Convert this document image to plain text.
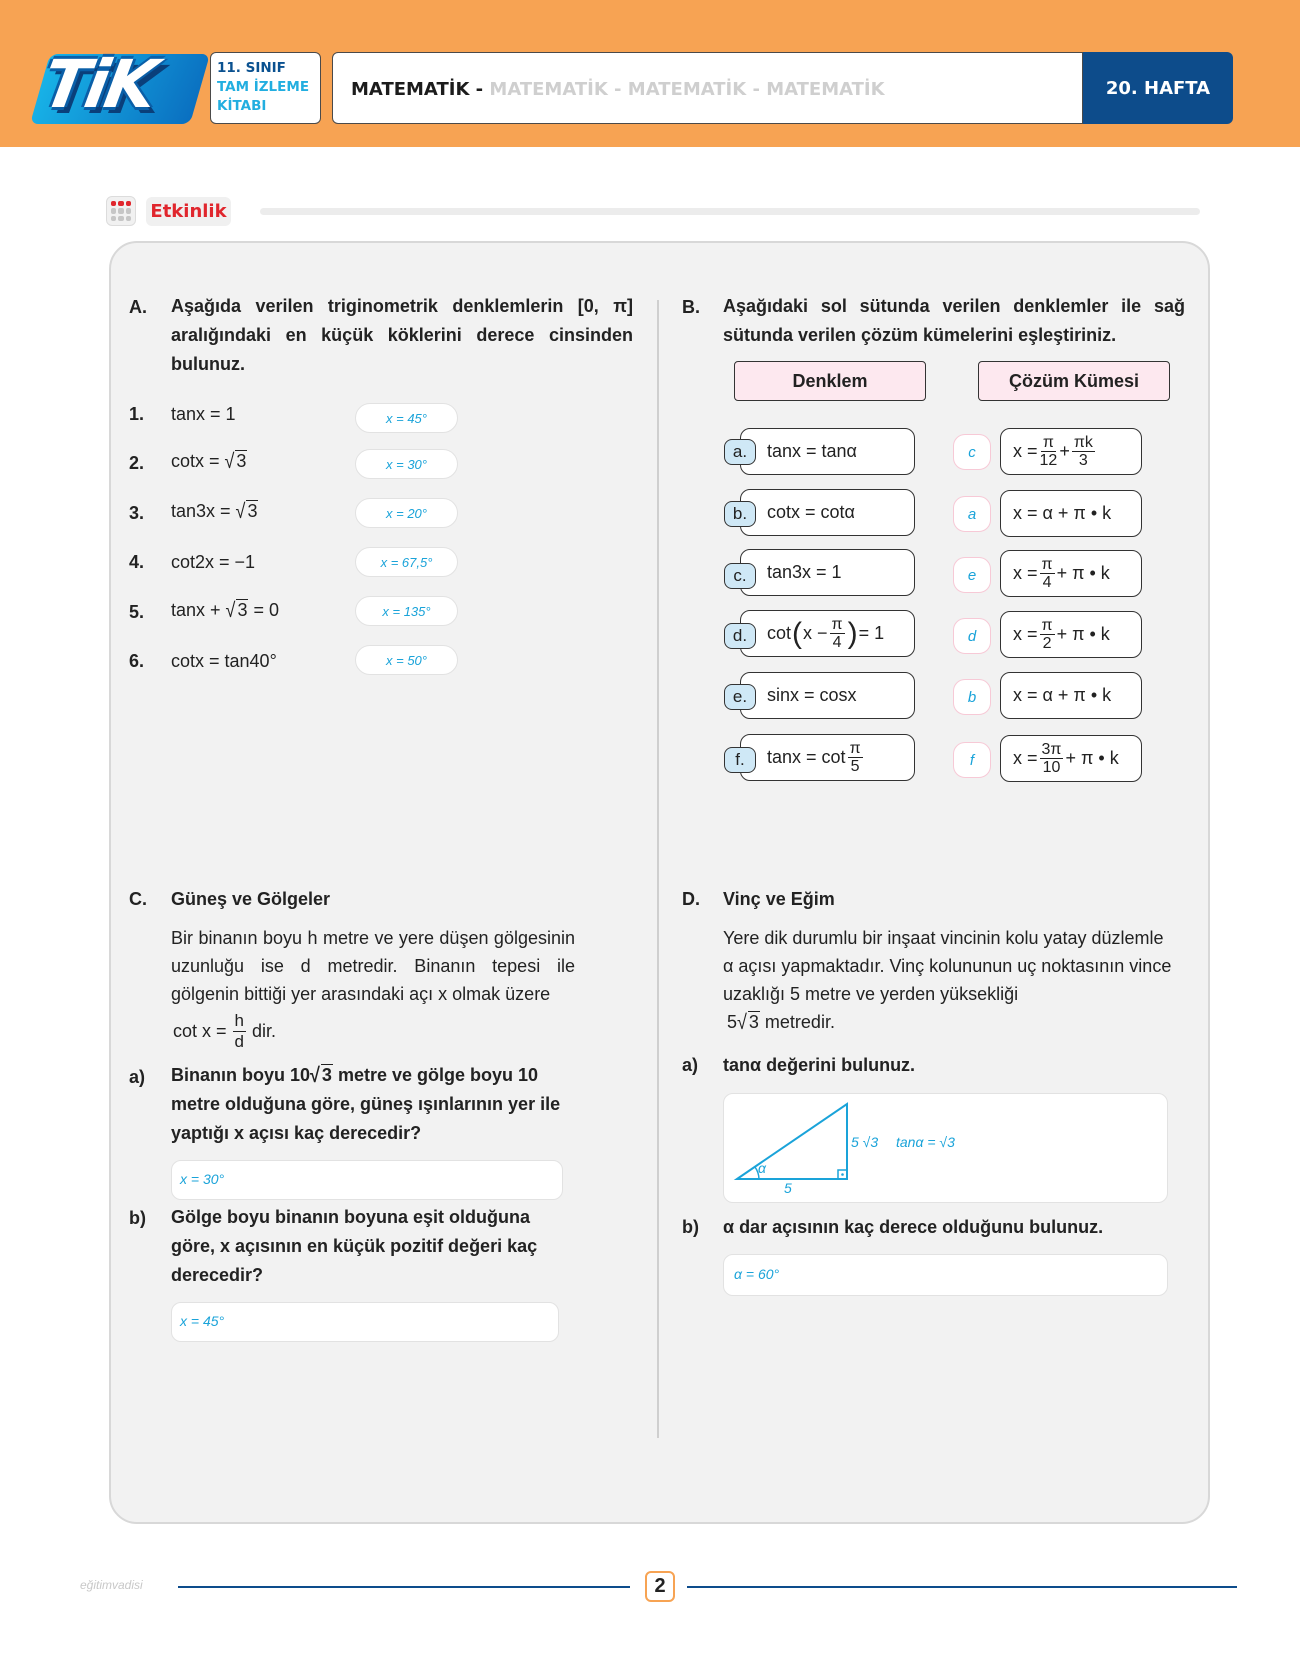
TiK	11. SINIF
TAM İZLEME
KİTABI
MATEMATİK - MATEMATİK - MATEMATİK - MATEMATİK	20. HAFTA
Etkinlik
A. Aşağıda verilen triginometrik denklemlerin [0, π] aralığındaki en küçük köklerini derece cinsinden bulunuz.
1. tanx = 1	x = 45°
2. cotx = √ 3	x = 30°
3. tan3x = √ 3	x = 20°
4. cot2x = −1	x = 67,5°
5. tanx + √ 3 = 0	x = 135°
6. cotx = tan40°	x = 50°
B. Aşağıdaki sol sütunda verilen denklemler ile sağ sütunda verilen çözüm kümelerini eşleştiriniz.
Denklem	Çözüm Kümesi
tanx = tanα
a.	c	$x = \frac{\pi}{12} + \frac{\pi k}{3}$
cotx = cotα
b.	a	x = α + π • k
tan3x = 1
c.	e	$x = \frac{\pi}{4} + \pi$ • k
cot ( $x - \frac{\pi}{4}$ ) = 1
d.	d	$x = \frac{\pi}{2} + \pi$ • k
sinx = cosx
e.	b	x = α + π • k
$\tan x = \cot \frac{\pi}{5}$
f.	f	$x = \frac{3\pi}{10} + \pi$ • k
C. Güneş ve Gölgeler
Bir binanın boyu h metre ve yere düşen gölgesinin uzunluğu ise d metredir. Binanın tepesi ile gölgenin bittiği yer arasındaki açı x olmak üzere
$\cot x = \frac{h}{d}$ dir.
a) Binanın boyu 10√ 3 metre ve gölge boyu 10 metre olduğuna göre, güneş ışınlarının yer ile yaptığı x açısı kaç derecedir?
x = 30°
b) Gölge boyu binanın boyuna eşit olduğuna göre, x açısının en küçük pozitif değeri kaç derecedir?
x = 45°
D. Vinç ve Eğim
Yere dik durumlu bir inşaat vincinin kolu yatay düzlemle α açısı yapmaktadır. Vinç kolununun uç noktasının vince uzaklığı 5 metre ve yerden yüksekliği
5√ 3 metredir.
a) tanα değerini bulunuz.
α
5
5 √3 tanα = √3
b) α dar açısının kaç derece olduğunu bulunuz.
α = 60°
eğitimvadisi	2
